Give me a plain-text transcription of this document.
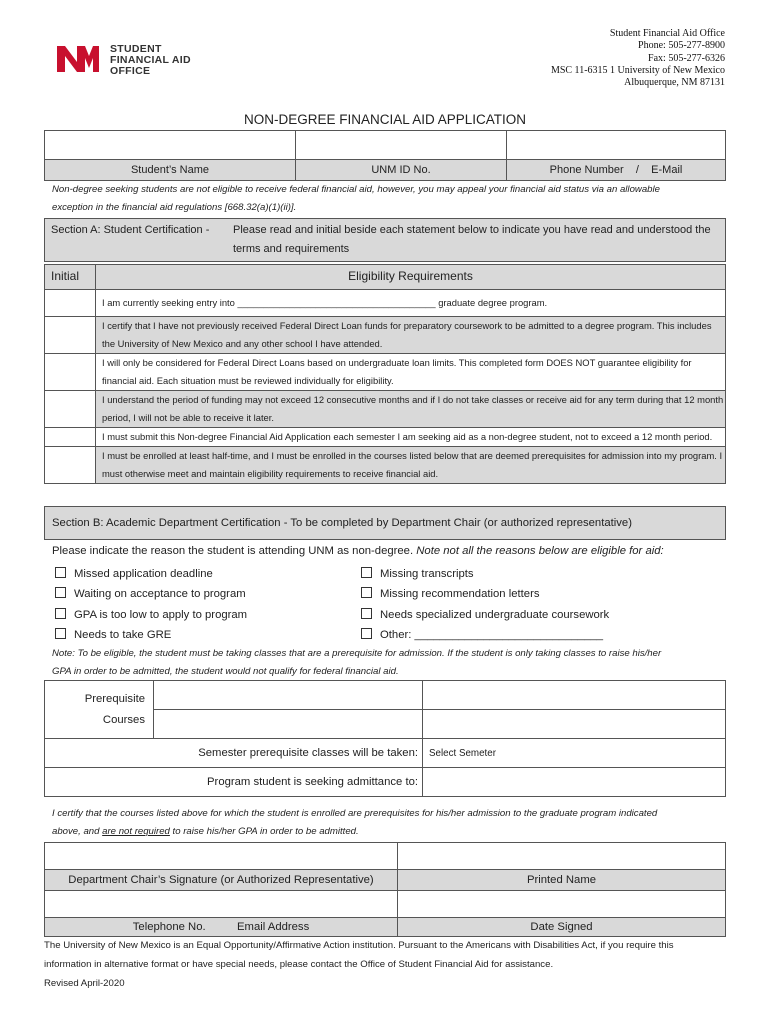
STUDENT
FINANCIAL AID
OFFICE
Student Financial Aid Office
Phone: 505-277-8900
Fax: 505-277-6326
MSC 11-6315 1 University of New Mexico
Albuquerque, NM 87131
NON-DEGREE FINANCIAL AID APPLICATION

Student’s Name	UNM ID No.	Phone Number / E-Mail
Non-degree seeking students are not eligible to receive federal financial aid, however, you may appeal your financial aid status via an allowable
exception in the financial aid regulations [668.32(a)(1)(ii)].
Section A: Student Certification -	Please read and initial beside each statement below to indicate you have read and understood the terms and requirements
Initial	Eligibility Requirements
	I am currently seeking entry into ______________________________________ graduate degree program.
	I certify that I have not previously received Federal Direct Loan funds for preparatory coursework to be admitted to a degree program. This includes the University of New Mexico and any other school I have attended.
	I will only be considered for Federal Direct Loans based on undergraduate loan limits. This completed form DOES NOT guarantee eligibility for financial aid. Each situation must be reviewed individually for eligibility.
	I understand the period of funding may not exceed 12 consecutive months and if I do not take classes or receive aid for any term during that 12 month period, I will not be able to receive it later.
	I must submit this Non-degree Financial Aid Application each semester I am seeking aid as a non-degree student, not to exceed a 12 month period.
	I must be enrolled at least half-time, and I must be enrolled in the courses listed below that are deemed prerequisites for admission into my program. I must otherwise meet and maintain eligibility requirements to receive financial aid.
Section B: Academic Department Certification - To be completed by Department Chair (or authorized representative)
Please indicate the reason the student is attending UNM as non-degree. Note not all the reasons below are eligible for aid:
Missed application deadline
Waiting on acceptance to program
GPA is too low to apply to program
Needs to take GRE
Missing transcripts
Missing recommendation letters
Needs specialized undergraduate coursework
Other: ______________________________
Note: To be eligible, the student must be taking classes that are a prerequisite for admission. If the student is only taking classes to raise his/her
GPA in order to be admitted, the student would not qualify for federal financial aid.
Prerequisite
Courses		

Semester prerequisite classes will be taken:		Select Semeter
Program student is seeking admittance to:		
I certify that the courses listed above for which the student is enrolled are prerequisites for his/her admission to the graduate program indicated
above, and are not required to raise his/her GPA in order to be admitted.

Department Chair’s Signature (or Authorized Representative)	Printed Name

Telephone No. Email Address	Date Signed
The University of New Mexico is an Equal Opportunity/Affirmative Action institution. Pursuant to the Americans with Disabilities Act, if you require this
information in alternative format or have special needs, please contact the Office of Student Financial Aid for assistance.
Revised April-2020
